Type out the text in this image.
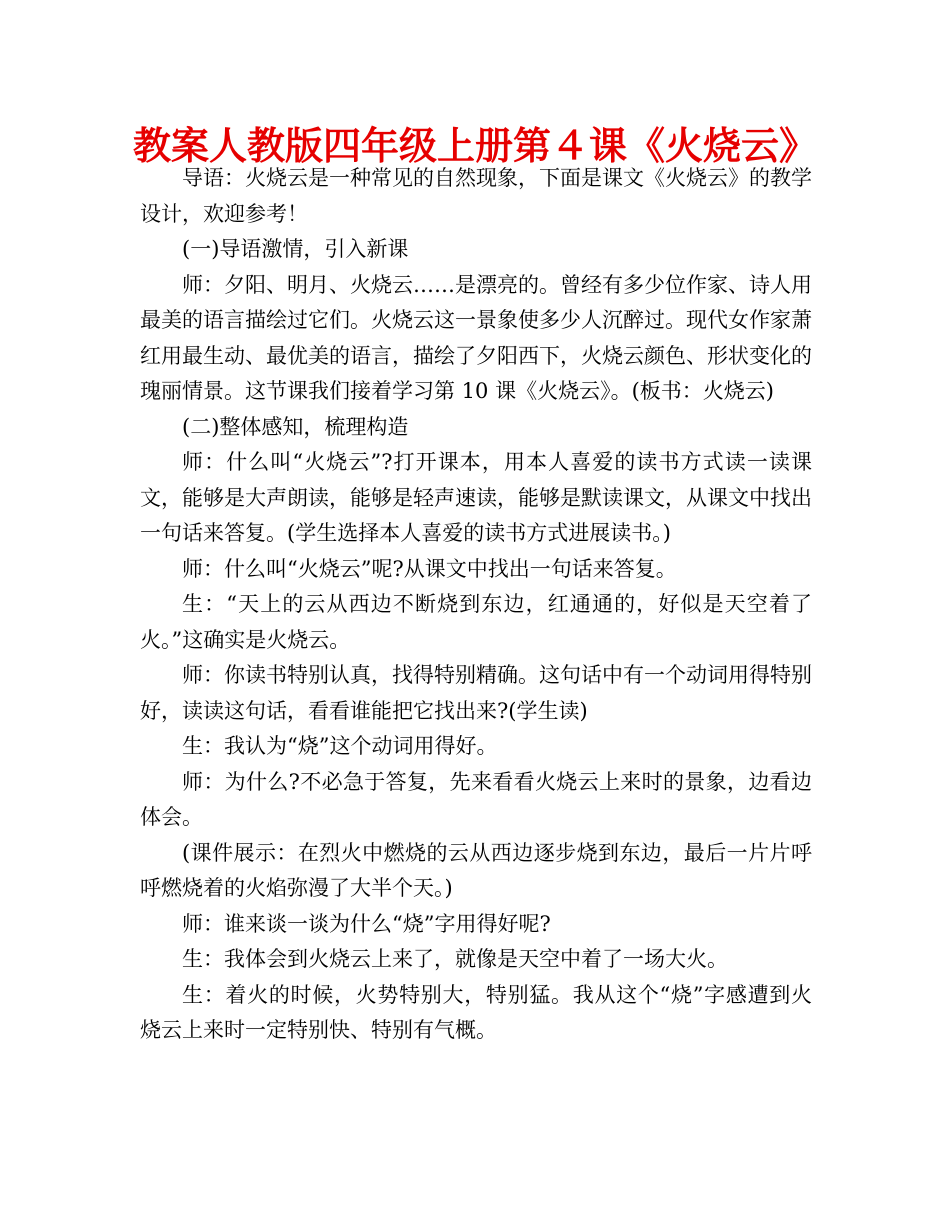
教案人教版四年级上册第４课《火烧云》

导语：火烧云是一种常见的自然现象，下面是课文《火烧云》的教学设计，欢迎参考！

(一)导语激情，引入新课

师：夕阳、明月、火烧云……是漂亮的。曾经有多少位作家、诗人用最美的语言描绘过它们。火烧云这一景象使多少人沉醉过。现代女作家萧红用最生动、最优美的语言，描绘了夕阳西下，火烧云颜色、形状变化的瑰丽情景。这节课我们接着学习第 10 课《火烧云》。(板书：火烧云)

(二)整体感知，梳理构造

师：什么叫“火烧云”?打开课本，用本人喜爱的读书方式读一读课文，能够是大声朗读，能够是轻声速读，能够是默读课文，从课文中找出一句话来答复。(学生选择本人喜爱的读书方式进展读书。)

师：什么叫“火烧云”呢?从课文中找出一句话来答复。

生：“天上的云从西边不断烧到东边，红通通的，好似是天空着了火。”这确实是火烧云。

师：你读书特别认真，找得特别精确。这句话中有一个动词用得特别好，读读这句话，看看谁能把它找出来?(学生读)

生：我认为“烧”这个动词用得好。

师：为什么?不必急于答复，先来看看火烧云上来时的景象，边看边体会。

(课件展示：在烈火中燃烧的云从西边逐步烧到东边，最后一片片呼呼燃烧着的火焰弥漫了大半个天。)

师：谁来谈一谈为什么“烧”字用得好呢?

生：我体会到火烧云上来了，就像是天空中着了一场大火。

生：着火的时候，火势特别大，特别猛。我从这个“烧”字感遭到火烧云上来时一定特别快、特别有气概。
